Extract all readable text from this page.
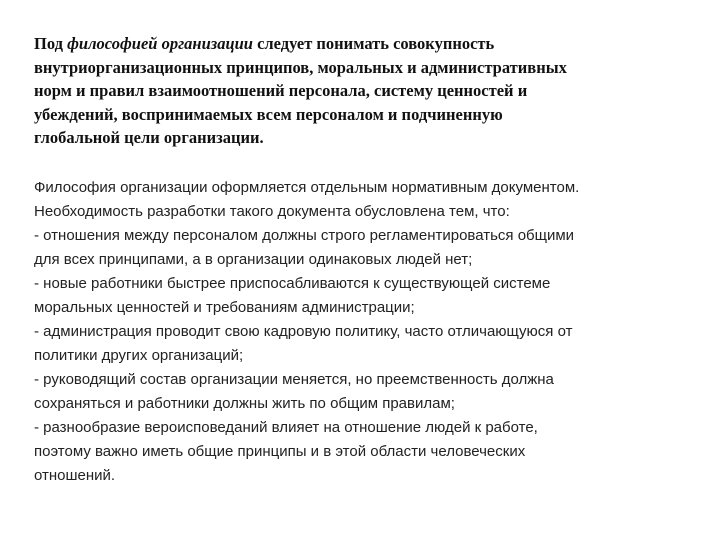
Под философией организации следует понимать совокупность
внутриорганизационных принципов, моральных и административных
норм и правил взаимоотношений персонала, систему ценностей и
убеждений, воспринимаемых всем персоналом и подчиненную
глобальной цели организации.

Философия организации оформляется отдельным нормативным документом.
Необходимость разработки такого документа обусловлена тем, что:
- отношения между персоналом должны строго регламентироваться общими
для всех принципами, а в организации одинаковых людей нет;
- новые работники быстрее приспосабливаются к существующей системе
моральных ценностей и требованиям администрации;
- администрация проводит свою кадровую политику, часто отличающуюся от
политики других организаций;
- руководящий состав организации меняется, но преемственность должна
сохраняться и работники должны жить по общим правилам;
- разнообразие вероисповеданий влияет на отношение людей к работе,
поэтому важно иметь общие принципы и в этой области человеческих
отношений.
